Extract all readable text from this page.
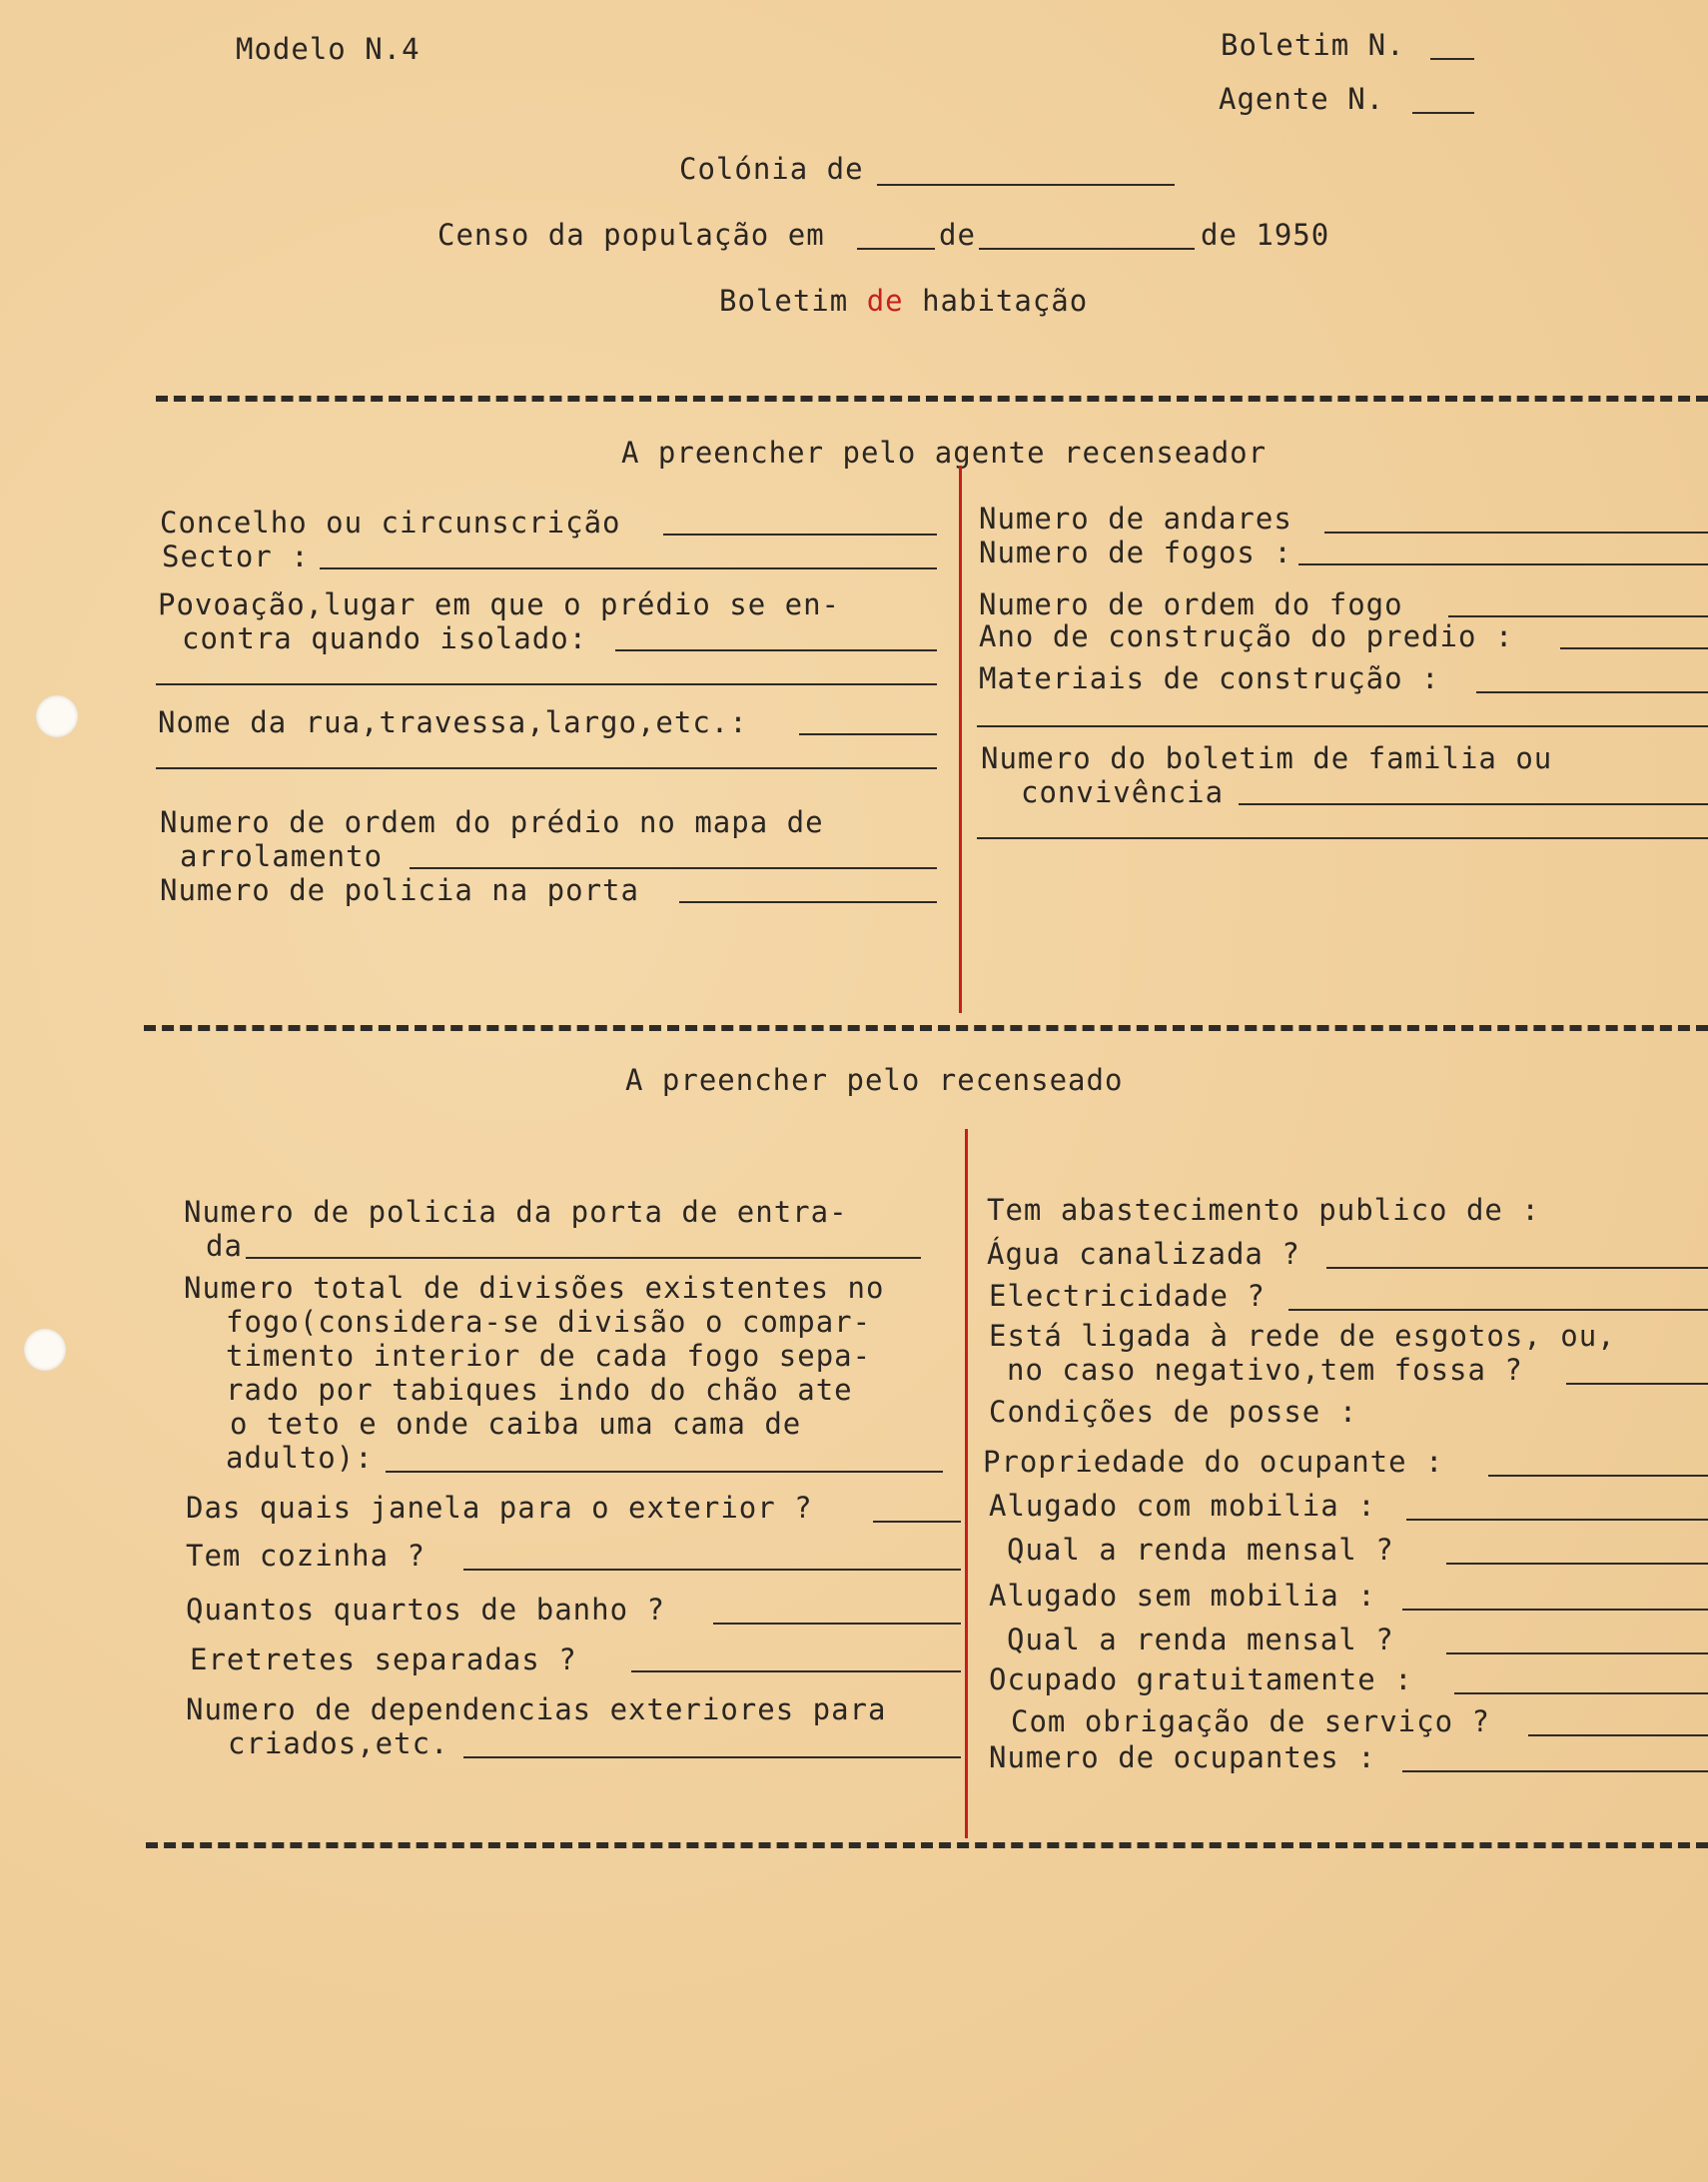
Modelo N.4	Boletim N.
Agente N.
Colónia de
Censo da população em	de	de 1950
Boletim de habitação
A preencher pelo agente recenseador
Concelho ou circunscrição
Sector :
Povoação,lugar em que o prédio se en-
contra quando isolado:
Nome da rua,travessa,largo,etc.:
Numero de ordem do prédio no mapa de
arrolamento
Numero de policia na porta
Numero de andares
Numero de fogos :
Numero de ordem do fogo
Ano de construção do predio :
Materiais de construção :
Numero do boletim de familia ou
convivência
A preencher pelo recenseado
Numero de policia da porta de entra-
da
Numero total de divisões existentes no
fogo(considera-se divisão o compar-
timento interior de cada fogo sepa-
rado por tabiques indo do chão ate
o teto e onde caiba uma cama de
adulto):
Das quais janela para o exterior ?
Tem cozinha ?
Quantos quartos de banho ?
Eretretes separadas ?
Numero de dependencias exteriores para
criados,etc.
Tem abastecimento publico de :
Água canalizada ?
Electricidade ?
Está ligada à rede de esgotos, ou,
no caso negativo,tem fossa ?
Condições de posse :
Propriedade do ocupante :
Alugado com mobilia :
Qual a renda mensal ?
Alugado sem mobilia :
Qual a renda mensal ?
Ocupado gratuitamente :
Com obrigação de serviço ?
Numero de ocupantes :
